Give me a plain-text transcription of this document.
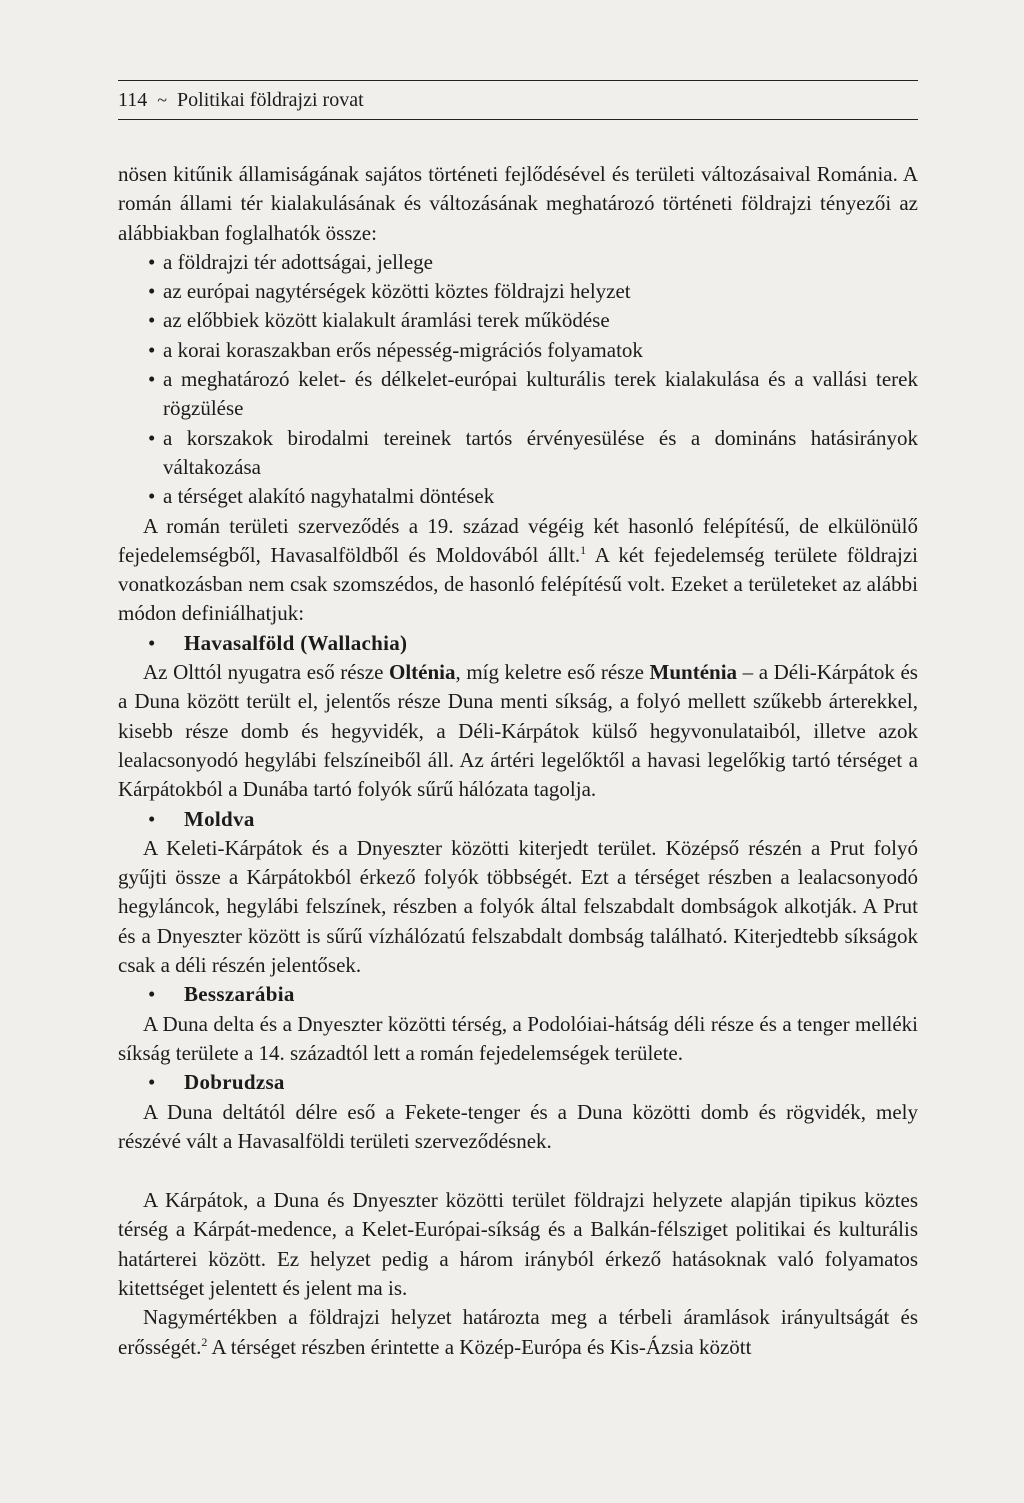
114 ~ Politikai földrajzi rovat

nösen kitűnik államiságának sajátos történeti fejlődésével és területi változásaival Románia. A román állami tér kialakulásának és változásának meghatározó történeti földrajzi tényezői az alábbiakban foglalhatók össze:

• a földrajzi tér adottságai, jellege
• az európai nagytérségek közötti köztes földrajzi helyzet
• az előbbiek között kialakult áramlási terek működése
• a korai koraszakban erős népesség-migrációs folyamatok
• a meghatározó kelet- és délkelet-európai kulturális terek kialakulása és a vallási terek rögzülése
• a korszakok birodalmi tereinek tartós érvényesülése és a domináns hatásirányok váltakozása
• a térséget alakító nagyhatalmi döntések

A román területi szerveződés a 19. század végéig két hasonló felépítésű, de elkülönülő fejedelemségből, Havasalföldből és Moldovából állt.$^1$ A két fejedelemség területe földrajzi vonatkozásban nem csak szomszédos, de hasonló felépítésű volt. Ezeket a területeket az alábbi módon definiálhatjuk:

• Havasalföld (Wallachia)

Az Olttól nyugatra eső része Olténia, míg keletre eső része Munténia – a Déli-Kárpátok és a Duna között terült el, jelentős része Duna menti síkság, a folyó mellett szűkebb árterekkel, kisebb része domb és hegyvidék, a Déli-Kárpátok külső hegyvonulataiból, illetve azok lealacsonyodó hegylábi felszíneiből áll. Az ártéri legelőktől a havasi legelőkig tartó térséget a Kárpátokból a Dunába tartó folyók sűrű hálózata tagolja.

• Moldva

A Keleti-Kárpátok és a Dnyeszter közötti kiterjedt terület. Középső részén a Prut folyó gyűjti össze a Kárpátokból érkező folyók többségét. Ezt a térséget részben a lealacsonyodó hegyláncok, hegylábi felszínek, részben a folyók által felszabdalt dombságok alkotják. A Prut és a Dnyeszter között is sűrű vízhálózatú felszabdalt dombság található. Kiterjedtebb síkságok csak a déli részén jelentősek.

• Besszarábia

A Duna delta és a Dnyeszter közötti térség, a Podolóiai-hátság déli része és a tenger melléki síkság területe a 14. századtól lett a román fejedelemségek területe.

• Dobrudzsa

A Duna deltától délre eső a Fekete-tenger és a Duna közötti domb és rögvidék, mely részévé vált a Havasalföldi területi szerveződésnek.

A Kárpátok, a Duna és Dnyeszter közötti terület földrajzi helyzete alapján tipikus köztes térség a Kárpát-medence, a Kelet-Európai-síkság és a Balkán-félsziget politikai és kulturális határterei között. Ez helyzet pedig a három irányból érkező hatásoknak való folyamatos kitettséget jelentett és jelent ma is.

Nagymértékben a földrajzi helyzet határozta meg a térbeli áramlások irányultságát és erősségét.$^2$ A térséget részben érintette a Közép-Európa és Kis-Ázsia között
